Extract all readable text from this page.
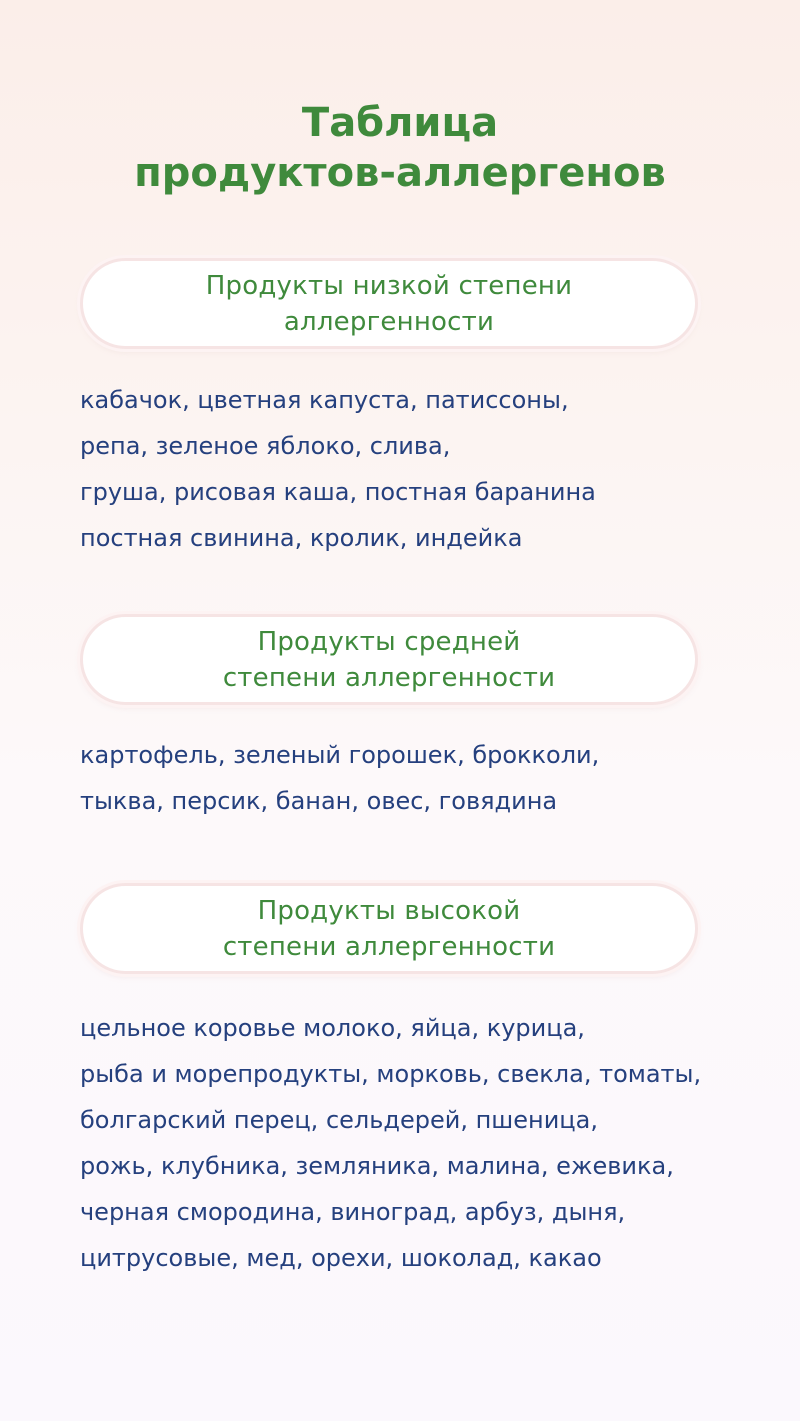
Таблица
продуктов-аллергенов
Продукты низкой степени
аллергенности
кабачок, цветная капуста, патиссоны,
репа, зеленое яблоко, слива,
груша, рисовая каша, постная баранина
постная свинина, кролик, индейка
Продукты средней
степени аллергенности
картофель, зеленый горошек, брокколи,
тыква, персик, банан, овес, говядина
Продукты высокой
степени аллергенности
цельное коровье молоко, яйца, курица,
рыба и морепродукты, морковь, свекла, томаты,
болгарский перец, сельдерей, пшеница,
рожь, клубника, земляника, малина, ежевика,
черная смородина, виноград, арбуз, дыня,
цитрусовые, мед, орехи, шоколад, какао
